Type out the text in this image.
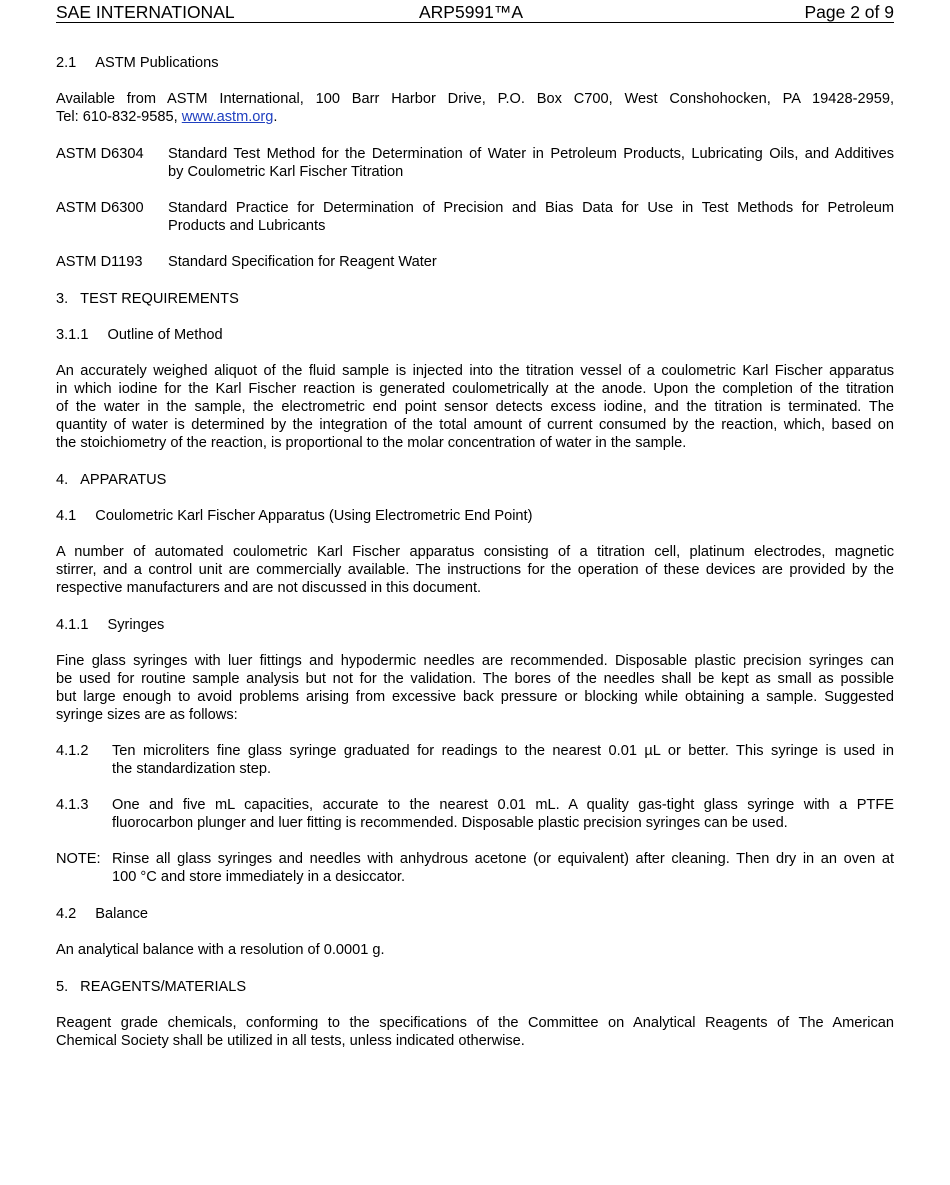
SAE INTERNATIONAL	ARP5991™A	Page 2 of 9
2.1 ASTM Publications
Available from ASTM International, 100 Barr Harbor Drive, P.O. Box C700, West Conshohocken, PA 19428-2959,
Tel: 610-832-9585, www.astm.org.
ASTM D6304 Standard Test Method for the Determination of Water in Petroleum Products, Lubricating Oils, and Additives
by Coulometric Karl Fischer Titration
ASTM D6300 Standard Practice for Determination of Precision and Bias Data for Use in Test Methods for Petroleum
Products and Lubricants
ASTM D1193 Standard Specification for Reagent Water
3. TEST REQUIREMENTS
3.1.1 Outline of Method
An accurately weighed aliquot of the fluid sample is injected into the titration vessel of a coulometric Karl Fischer apparatus
in which iodine for the Karl Fischer reaction is generated coulometrically at the anode. Upon the completion of the titration
of the water in the sample, the electrometric end point sensor detects excess iodine, and the titration is terminated. The
quantity of water is determined by the integration of the total amount of current consumed by the reaction, which, based on
the stoichiometry of the reaction, is proportional to the molar concentration of water in the sample.
4. APPARATUS
4.1 Coulometric Karl Fischer Apparatus (Using Electrometric End Point)
A number of automated coulometric Karl Fischer apparatus consisting of a titration cell, platinum electrodes, magnetic
stirrer, and a control unit are commercially available. The instructions for the operation of these devices are provided by the
respective manufacturers and are not discussed in this document.
4.1.1 Syringes
Fine glass syringes with luer fittings and hypodermic needles are recommended. Disposable plastic precision syringes can
be used for routine sample analysis but not for the validation. The bores of the needles shall be kept as small as possible
but large enough to avoid problems arising from excessive back pressure or blocking while obtaining a sample. Suggested
syringe sizes are as follows:
4.1.2 Ten microliters fine glass syringe graduated for readings to the nearest 0.01 µL or better. This syringe is used in
the standardization step.
4.1.3 One and five mL capacities, accurate to the nearest 0.01 mL. A quality gas-tight glass syringe with a PTFE
fluorocarbon plunger and luer fitting is recommended. Disposable plastic precision syringes can be used.
NOTE: Rinse all glass syringes and needles with anhydrous acetone (or equivalent) after cleaning. Then dry in an oven at
100 °C and store immediately in a desiccator.
4.2 Balance
An analytical balance with a resolution of 0.0001 g.
5. REAGENTS/MATERIALS
Reagent grade chemicals, conforming to the specifications of the Committee on Analytical Reagents of The American
Chemical Society shall be utilized in all tests, unless indicated otherwise.
